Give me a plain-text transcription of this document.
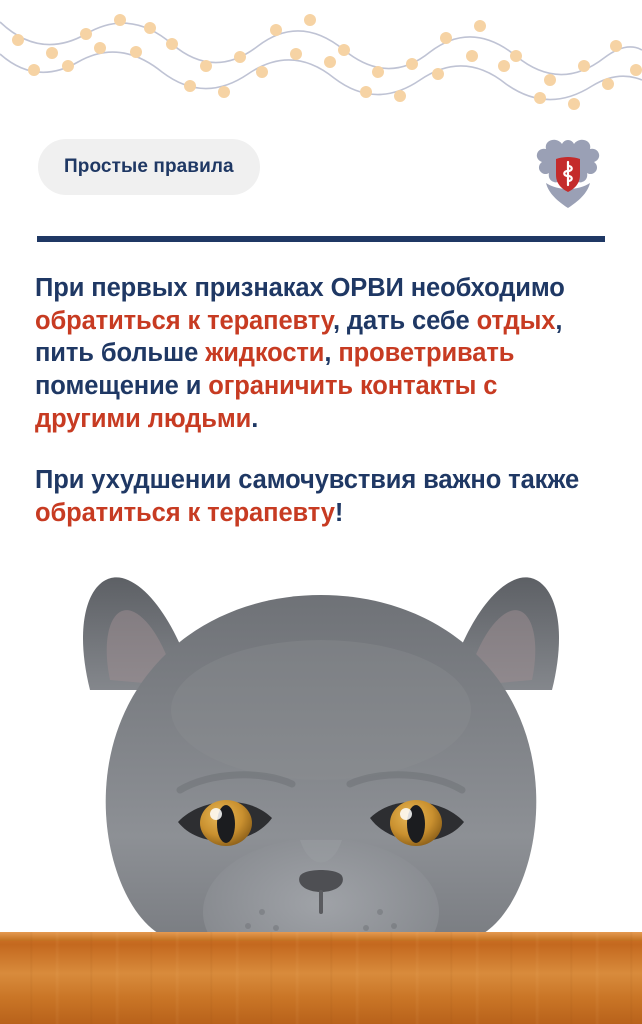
Простые правила

При первых признаках ОРВИ необходимо обратиться к терапевту, дать себе отдых, пить больше жидкости, проветривать помещение и ограничить контакты с другими людьми.

При ухудшении самочувствия важно также обратиться к терапевту!
